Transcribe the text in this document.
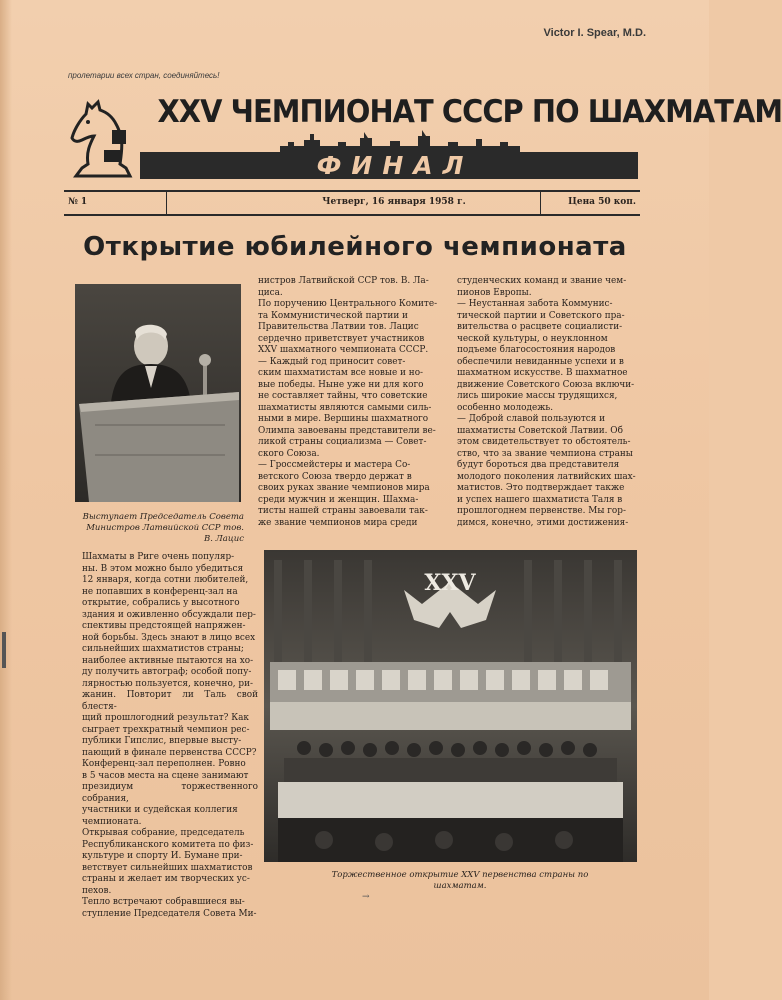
Victor I. Spear, M.D.
пролетарии всех стран, соединяйтесь!
XXV ЧЕМПИОНАТ СССР ПО ШАХМАТАМ
ФИНАЛ
№ 1	Четверг, 16 января 1958 г.	Цена 50 коп.
Открытие юбилейного чемпионата
Выступает Председатель Совета
Министров Латвийской ССР тов.
В. Лацис
Шахматы в Риге очень популяр-
ны. В этом можно было убедиться
12 января, когда сотни любителей,
не попавших в конференц-зал на
открытие, собрались у высотного
здания и оживленно обсуждали пер-
спективы предстоящей напряжен-
ной борьбы. Здесь знают в лицо всех
сильнейших шахматистов страны;
наиболее активные пытаются на хо-
ду получить автограф; особой попу-
лярностью пользуется, конечно, ри-
жанин. Повторит ли Таль свой блестя-
щий прошлогодний результат? Как
сыграет трехкратный чемпион рес-
публики Гипслис, впервые высту-
пающий в финале первенства СССР?
Конференц-зал переполнен. Ровно
в 5 часов места на сцене занимают
президиум торжественного собрания,
участники и судейская коллегия
чемпионата.
Открывая собрание, председатель
Республиканского комитета по физ-
культуре и спорту И. Бумане при-
ветствует сильнейших шахматистов
страны и желает им творческих ус-
пехов.
Тепло встречают собравшиеся вы-
ступление Председателя Совета Ми-
нистров Латвийской ССР тов. В. Ла-
циса.
По поручению Центрального Комите-
та Коммунистической партии и
Правительства Латвии тов. Лацис
сердечно приветствует участников
XXV шахматного чемпионата СССР.
— Каждый год приносит совет-
ским шахматистам все новые и но-
вые победы. Ныне уже ни для кого
не составляет тайны, что советские
шахматисты являются самыми силь-
ными в мире. Вершины шахматного
Олимпа завоеваны представители ве-
ликой страны социализма — Совет-
ского Союза.
— Гроссмейстеры и мастера Со-
ветского Союза твердо держат в
своих руках звание чемпионов мира
среди мужчин и женщин. Шахма-
тисты нашей страны завоевали так-
же звание чемпионов мира среди
студенческих команд и звание чем-
пионов Европы.
— Неустанная забота Коммунис-
тической партии и Советского пра-
вительства о расцвете социалисти-
ческой культуры, о неуклонном
подъеме благосостояния народов
обеспечили невиданные успехи и в
шахматном искусстве. В шахматное
движение Советского Союза включи-
лись широкие массы трудящихся,
особенно молодежь.
— Доброй славой пользуются и
шахматисты Советской Латвии. Об
этом свидетельствует то обстоятель-
ство, что за звание чемпиона страны
будут бороться два представителя
молодого поколения латвийских шах-
матистов. Это подтверждает также
и успех нашего шахматиста Таля в
прошлогоднем первенстве. Мы гор-
димся, конечно, этими достижения-
XXV
Торжественное открытие XXV первенства страны по
шахматам.
→
